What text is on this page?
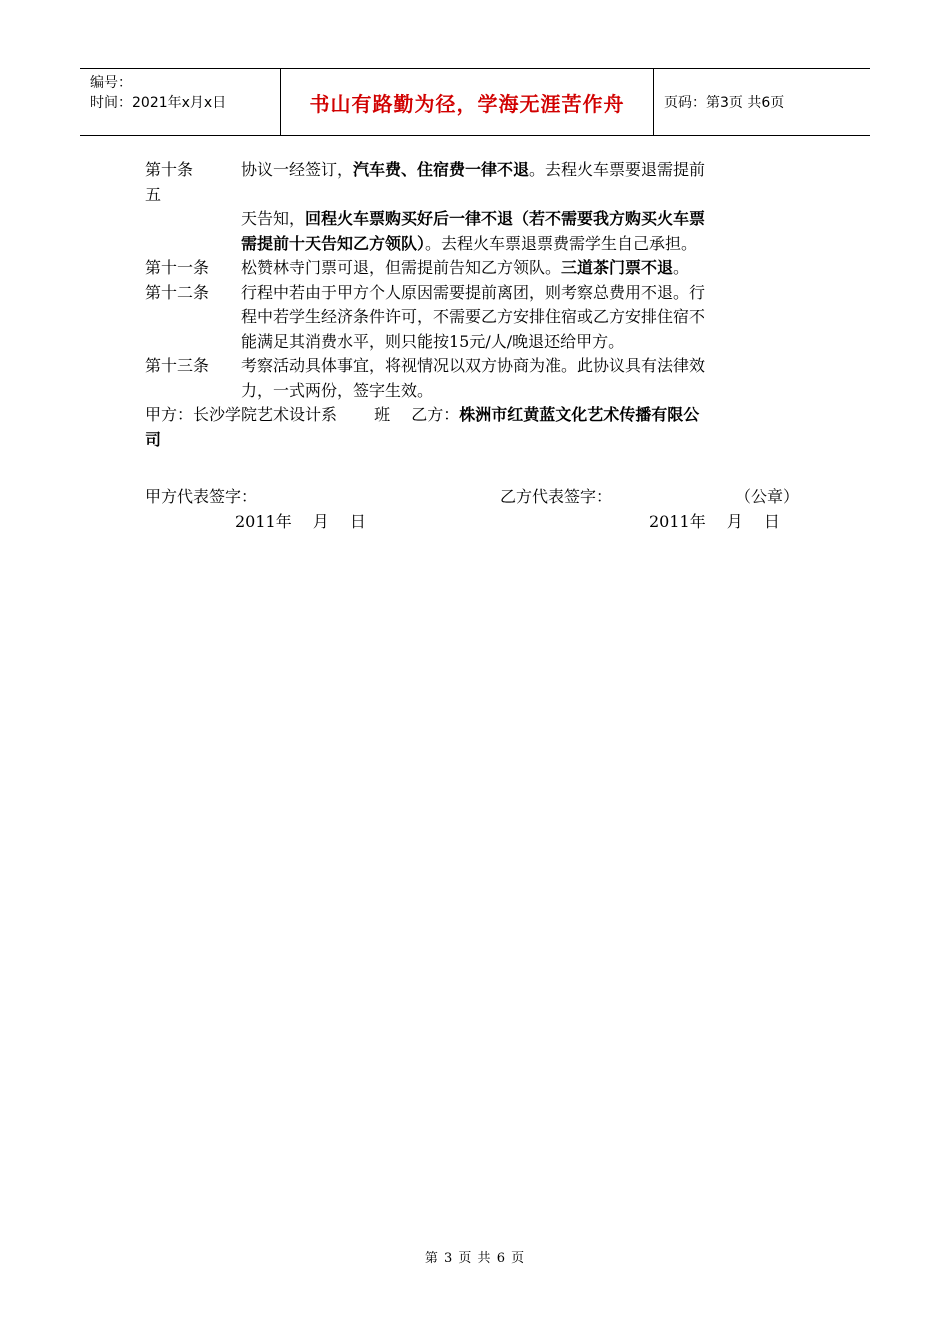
编号：
时间：2021年x月x日	书山有路勤为径，学海无涯苦作舟	页码：第3页 共6页
第十条	协议一经签订，汽车费、住宿费一律不退。去程火车票要退需提前
五
天告知，回程火车票购买好后一律不退（若不需要我方购买火车票
需提前十天告知乙方领队）。去程火车票退票费需学生自己承担。
第十一条 松赞林寺门票可退，但需提前告知乙方领队。三道茶门票不退。
第十二条 行程中若由于甲方个人原因需要提前离团，则考察总费用不退。行
程中若学生经济条件许可，不需要乙方安排住宿或乙方安排住宿不
能满足其消费水平，则只能按15元/人/晚退还给甲方。
第十三条 考察活动具体事宜，将视情况以双方协商为准。此协议具有法律效
力，一式两份，签字生效。
甲方：长沙学院艺术设计系　　 班　 乙方：株洲市红黄蓝文化艺术传播有限公
司
甲方代表签字：	乙方代表签字：	（公章）
2011年　 月　 日	2011年　 月　 日
第 3 页 共 6 页
